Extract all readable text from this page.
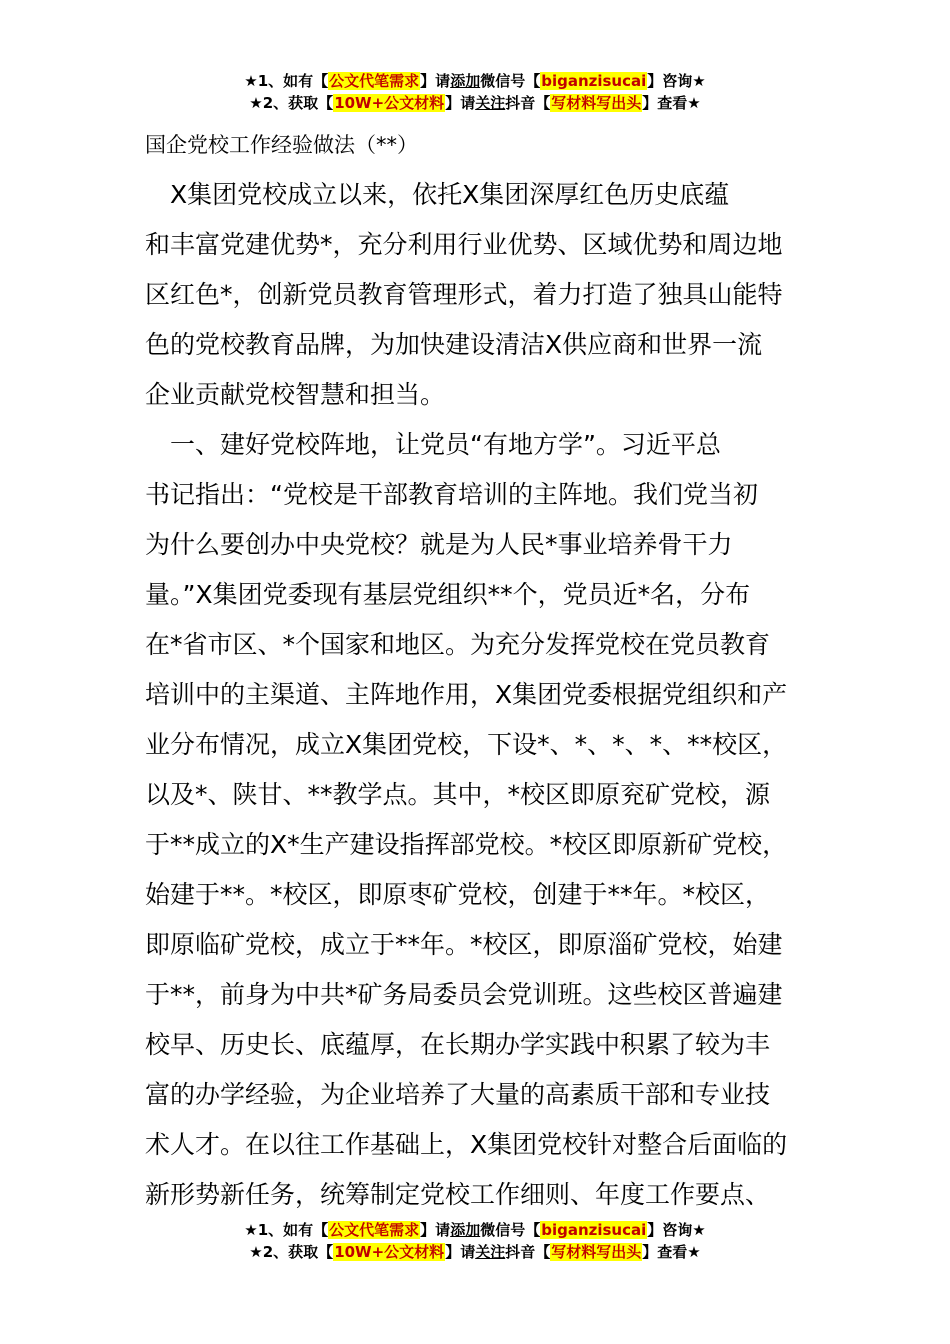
★1、如有【公文代笔需求】请添加微信号【biganzisucai】咨询★
★2、获取【10W+公文材料】请关注抖音【写材料写出头】查看★
国企党校工作经验做法（**）
　X集团党校成立以来，依托X集团深厚红色历史底蕴
和丰富党建优势*，充分利用行业优势、区域优势和周边地
区红色*，创新党员教育管理形式，着力打造了独具山能特
色的党校教育品牌，为加快建设清洁X供应商和世界一流
企业贡献党校智慧和担当。
　一、建好党校阵地，让党员“有地方学”。习近平总
书记指出：“党校是干部教育培训的主阵地。我们党当初
为什么要创办中央党校？就是为人民*事业培养骨干力
量。”X集团党委现有基层党组织**个，党员近*名，分布
在*省市区、*个国家和地区。为充分发挥党校在党员教育
培训中的主渠道、主阵地作用，X集团党委根据党组织和产
业分布情况，成立X集团党校，下设*、*、*、*、**校区，
以及*、陕甘、**教学点。其中，*校区即原兖矿党校，源
于**成立的X*生产建设指挥部党校。*校区即原新矿党校，
始建于**。*校区，即原枣矿党校，创建于**年。*校区，
即原临矿党校，成立于**年。*校区，即原淄矿党校，始建
于**，前身为中共*矿务局委员会党训班。这些校区普遍建
校早、历史长、底蕴厚，在长期办学实践中积累了较为丰
富的办学经验，为企业培养了大量的高素质干部和专业技
术人才。在以往工作基础上，X集团党校针对整合后面临的
新形势新任务，统筹制定党校工作细则、年度工作要点、
★1、如有【公文代笔需求】请添加微信号【biganzisucai】咨询★
★2、获取【10W+公文材料】请关注抖音【写材料写出头】查看★
